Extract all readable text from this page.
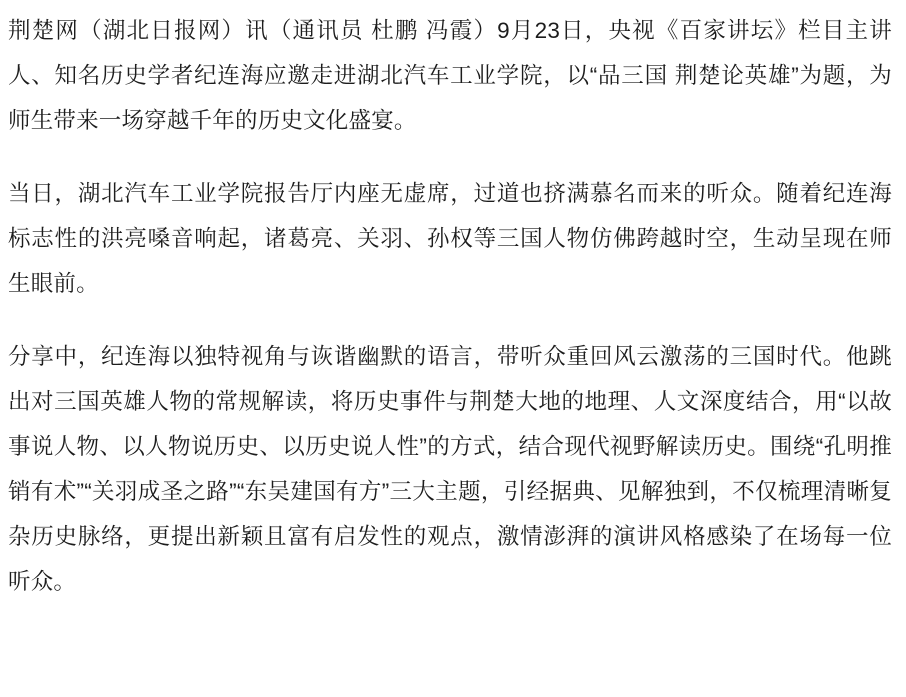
荆楚网（湖北日报网）讯（通讯员 杜鹏 冯霞）9月23日，央视《百家讲坛》栏目主讲人、知名历史学者纪连海应邀走进湖北汽车工业学院，以“品三国 荆楚论英雄”为题，为师生带来一场穿越千年的历史文化盛宴。

当日，湖北汽车工业学院报告厅内座无虚席，过道也挤满慕名而来的听众。随着纪连海标志性的洪亮嗓音响起，诸葛亮、关羽、孙权等三国人物仿佛跨越时空，生动呈现在师生眼前。

分享中，纪连海以独特视角与诙谐幽默的语言，带听众重回风云激荡的三国时代。他跳出对三国英雄人物的常规解读，将历史事件与荆楚大地的地理、人文深度结合，用“以故事说人物、以人物说历史、以历史说人性”的方式，结合现代视野解读历史。围绕“孔明推销有术”“关羽成圣之路”“东吴建国有方”三大主题，引经据典、见解独到，不仅梳理清晰复杂历史脉络，更提出新颖且富有启发性的观点，激情澎湃的演讲风格感染了在场每一位听众。
